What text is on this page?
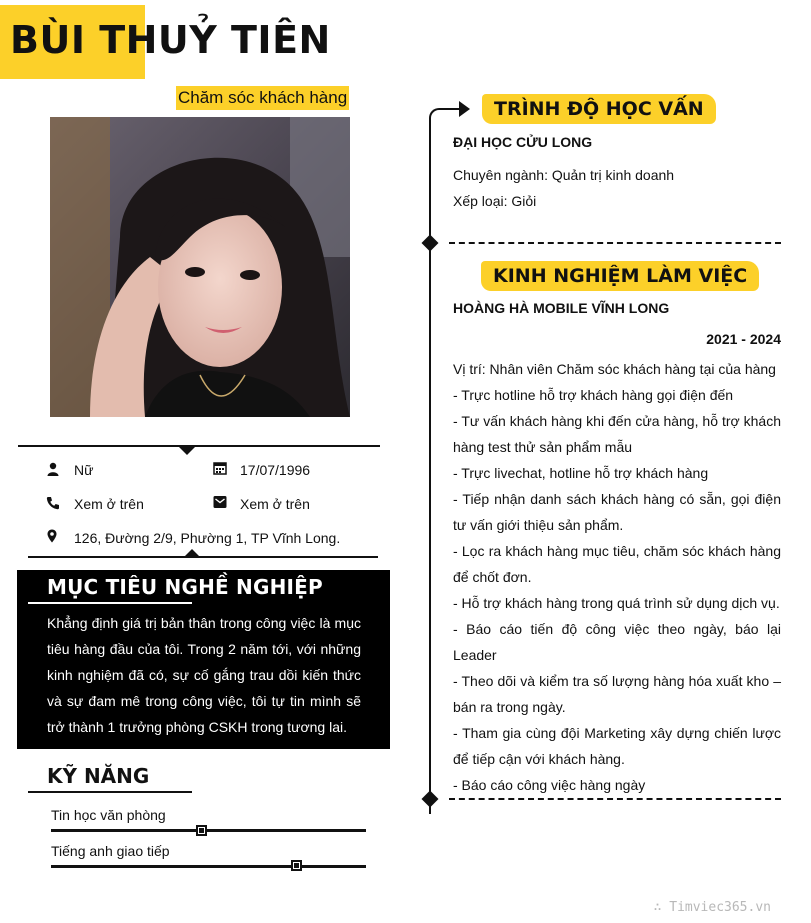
BÙI THUỶ TIÊN
Chăm sóc khách hàng
Nữ	17/07/1996
Xem ở trên	Xem ở trên
126, Đường 2/9, Phường 1, TP Vĩnh Long.
MỤC TIÊU NGHỀ NGHIỆP
Khẳng định giá trị bản thân trong công việc là mục tiêu hàng đầu của tôi. Trong 2 năm tới, với những kinh nghiệm đã có, sự cố gắng trau dồi kiến thức và sự đam mê trong công việc, tôi tự tin mình sẽ trở thành 1 trưởng phòng CSKH trong tương lai.
KỸ NĂNG
Tin học văn phòng
Tiếng anh giao tiếp
TRÌNH ĐỘ HỌC VẤN
ĐẠI HỌC CỬU LONG
Chuyên ngành: Quản trị kinh doanh
Xếp loại: Giỏi
KINH NGHIỆM LÀM VIỆC
HOÀNG HÀ MOBILE VĨNH LONG
2021 - 2024

Vị trí: Nhân viên Chăm sóc khách hàng tại của hàng

- Trực hotline hỗ trợ khách hàng gọi điện đến

- Tư vấn khách hàng khi đến cửa hàng, hỗ trợ khách hàng test thử sản phẩm mẫu

- Trực livechat, hotline hỗ trợ khách hàng

- Tiếp nhận danh sách khách hàng có sẵn, gọi điện tư vấn giới thiệu sản phẩm.

- Lọc ra khách hàng mục tiêu, chăm sóc khách hàng để chốt đơn.

- Hỗ trợ khách hàng trong quá trình sử dụng dịch vụ.

- Báo cáo tiến độ công việc theo ngày, báo lại Leader

- Theo dõi và kiểm tra số lượng hàng hóa xuất kho – bán ra trong ngày.

- Tham gia cùng đội Marketing xây dựng chiến lược để tiếp cận với khách hàng.

- Báo cáo công việc hàng ngày

∴ Timviec365.vn
